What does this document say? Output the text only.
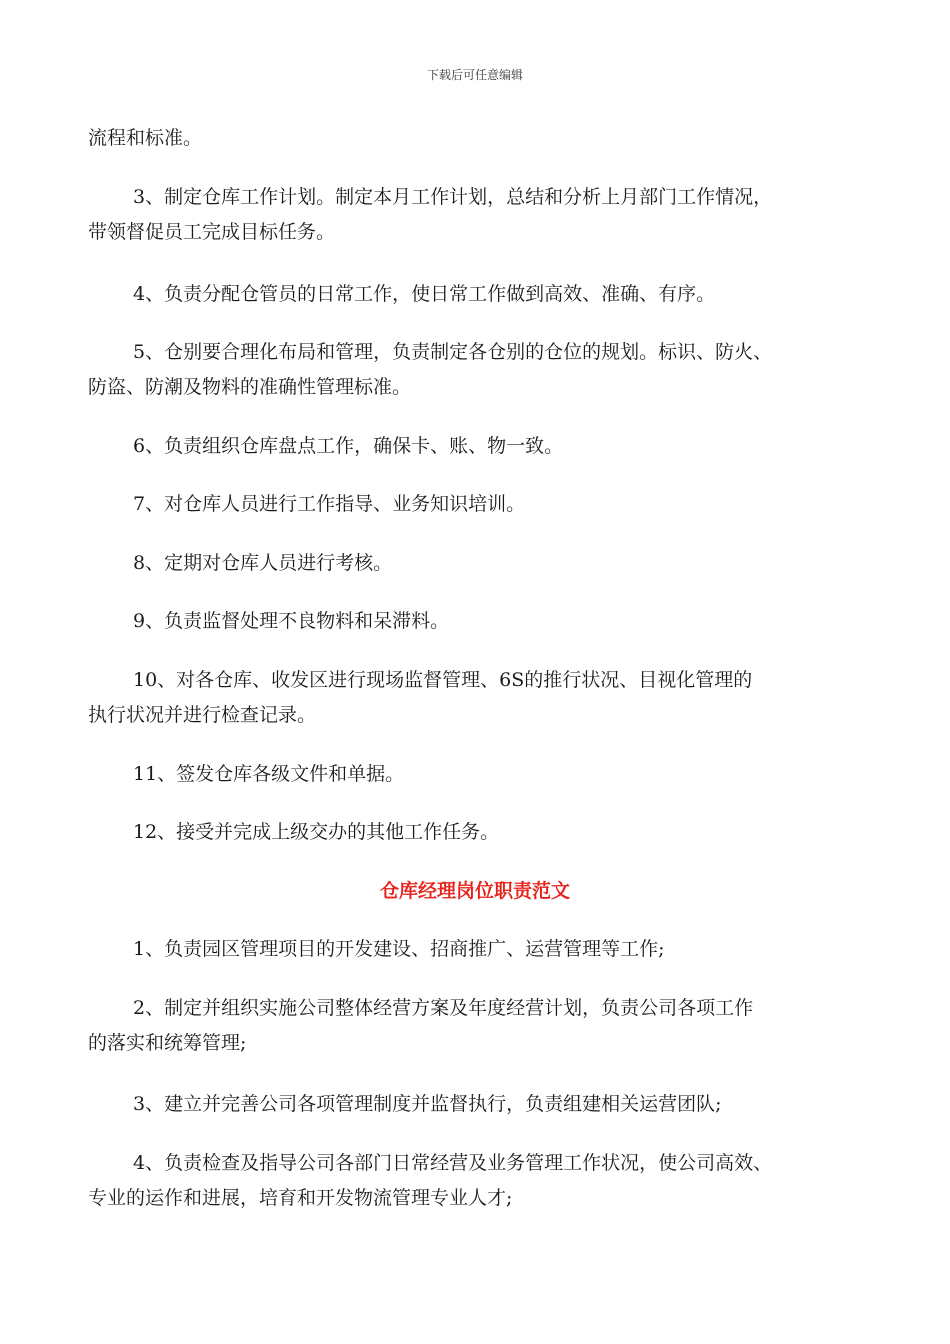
下载后可任意编辑
流程和标准。
3、制定仓库工作计划。制定本月工作计划，总结和分析上月部门工作情况，
带领督促员工完成目标任务。
4、负责分配仓管员的日常工作，使日常工作做到高效、准确、有序。
5、仓别要合理化布局和管理，负责制定各仓别的仓位的规划。标识、防火、
防盗、防潮及物料的准确性管理标准。
6、负责组织仓库盘点工作，确保卡、账、物一致。
7、对仓库人员进行工作指导、业务知识培训。
8、定期对仓库人员进行考核。
9、负责监督处理不良物料和呆滞料。
10、对各仓库、收发区进行现场监督管理、6S的推行状况、目视化管理的
执行状况并进行检查记录。
11、签发仓库各级文件和单据。
12、接受并完成上级交办的其他工作任务。
仓库经理岗位职责范文
1、负责园区管理项目的开发建设、招商推广、运营管理等工作;
2、制定并组织实施公司整体经营方案及年度经营计划，负责公司各项工作
的落实和统筹管理;
3、建立并完善公司各项管理制度并监督执行，负责组建相关运营团队;
4、负责检查及指导公司各部门日常经营及业务管理工作状况，使公司高效、
专业的运作和进展，培育和开发物流管理专业人才;
